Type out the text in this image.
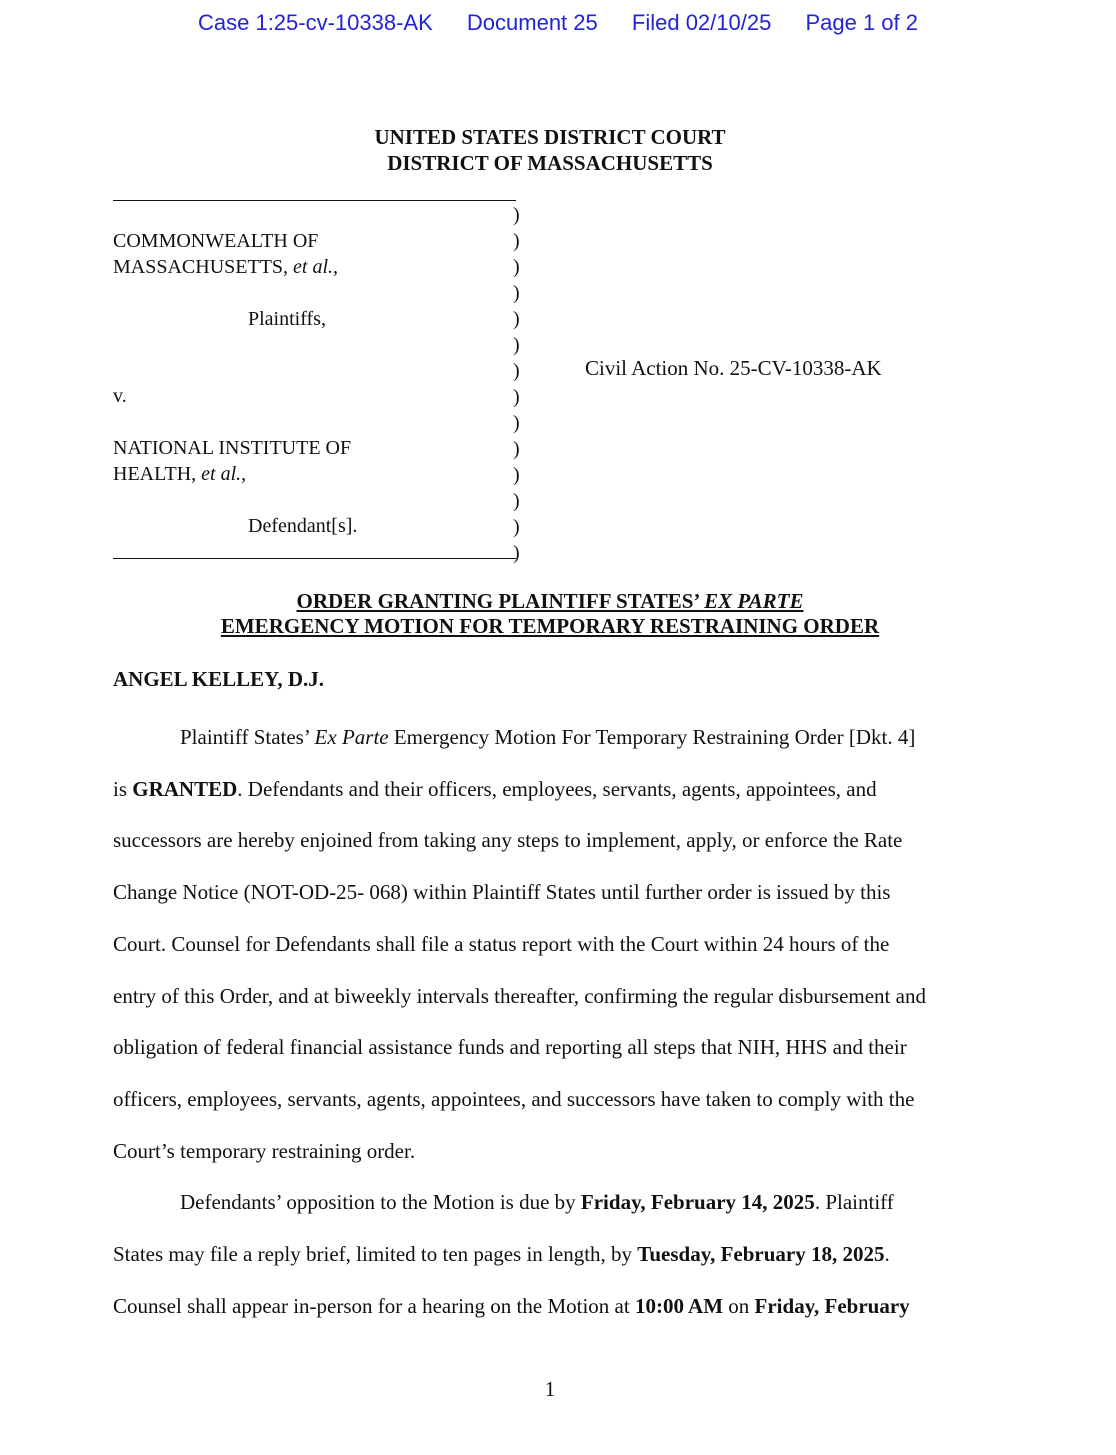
Case 1:25-cv-10338-AK Document 25 Filed 02/10/25 Page 1 of 2
UNITED STATES DISTRICT COURT
DISTRICT OF MASSACHUSETTS
COMMONWEALTH OF
MASSACHUSETTS, et al.,
Plaintiffs,
v.
NATIONAL INSTITUTE OF
HEALTH, et al.,
Defendant[s].
)
)
)
)
)
)
)
)
)
)
)
)
)
)
Civil Action No. 25-CV-10338-AK
ORDER GRANTING PLAINTIFF STATES’ EX PARTE
EMERGENCY MOTION FOR TEMPORARY RESTRAINING ORDER
ANGEL KELLEY, D.J.

Plaintiff States’ Ex Parte Emergency Motion For Temporary Restraining Order [Dkt. 4]
is GRANTED. Defendants and their officers, employees, servants, agents, appointees, and
successors are hereby enjoined from taking any steps to implement, apply, or enforce the Rate
Change Notice (NOT-OD-25- 068) within Plaintiff States until further order is issued by this
Court. Counsel for Defendants shall file a status report with the Court within 24 hours of the
entry of this Order, and at biweekly intervals thereafter, confirming the regular disbursement and
obligation of federal financial assistance funds and reporting all steps that NIH, HHS and their
officers, employees, servants, agents, appointees, and successors have taken to comply with the
Court’s temporary restraining order.

Defendants’ opposition to the Motion is due by Friday, February 14, 2025. Plaintiff
States may file a reply brief, limited to ten pages in length, by Tuesday, February 18, 2025.
Counsel shall appear in-person for a hearing on the Motion at 10:00 AM on Friday, February

1
